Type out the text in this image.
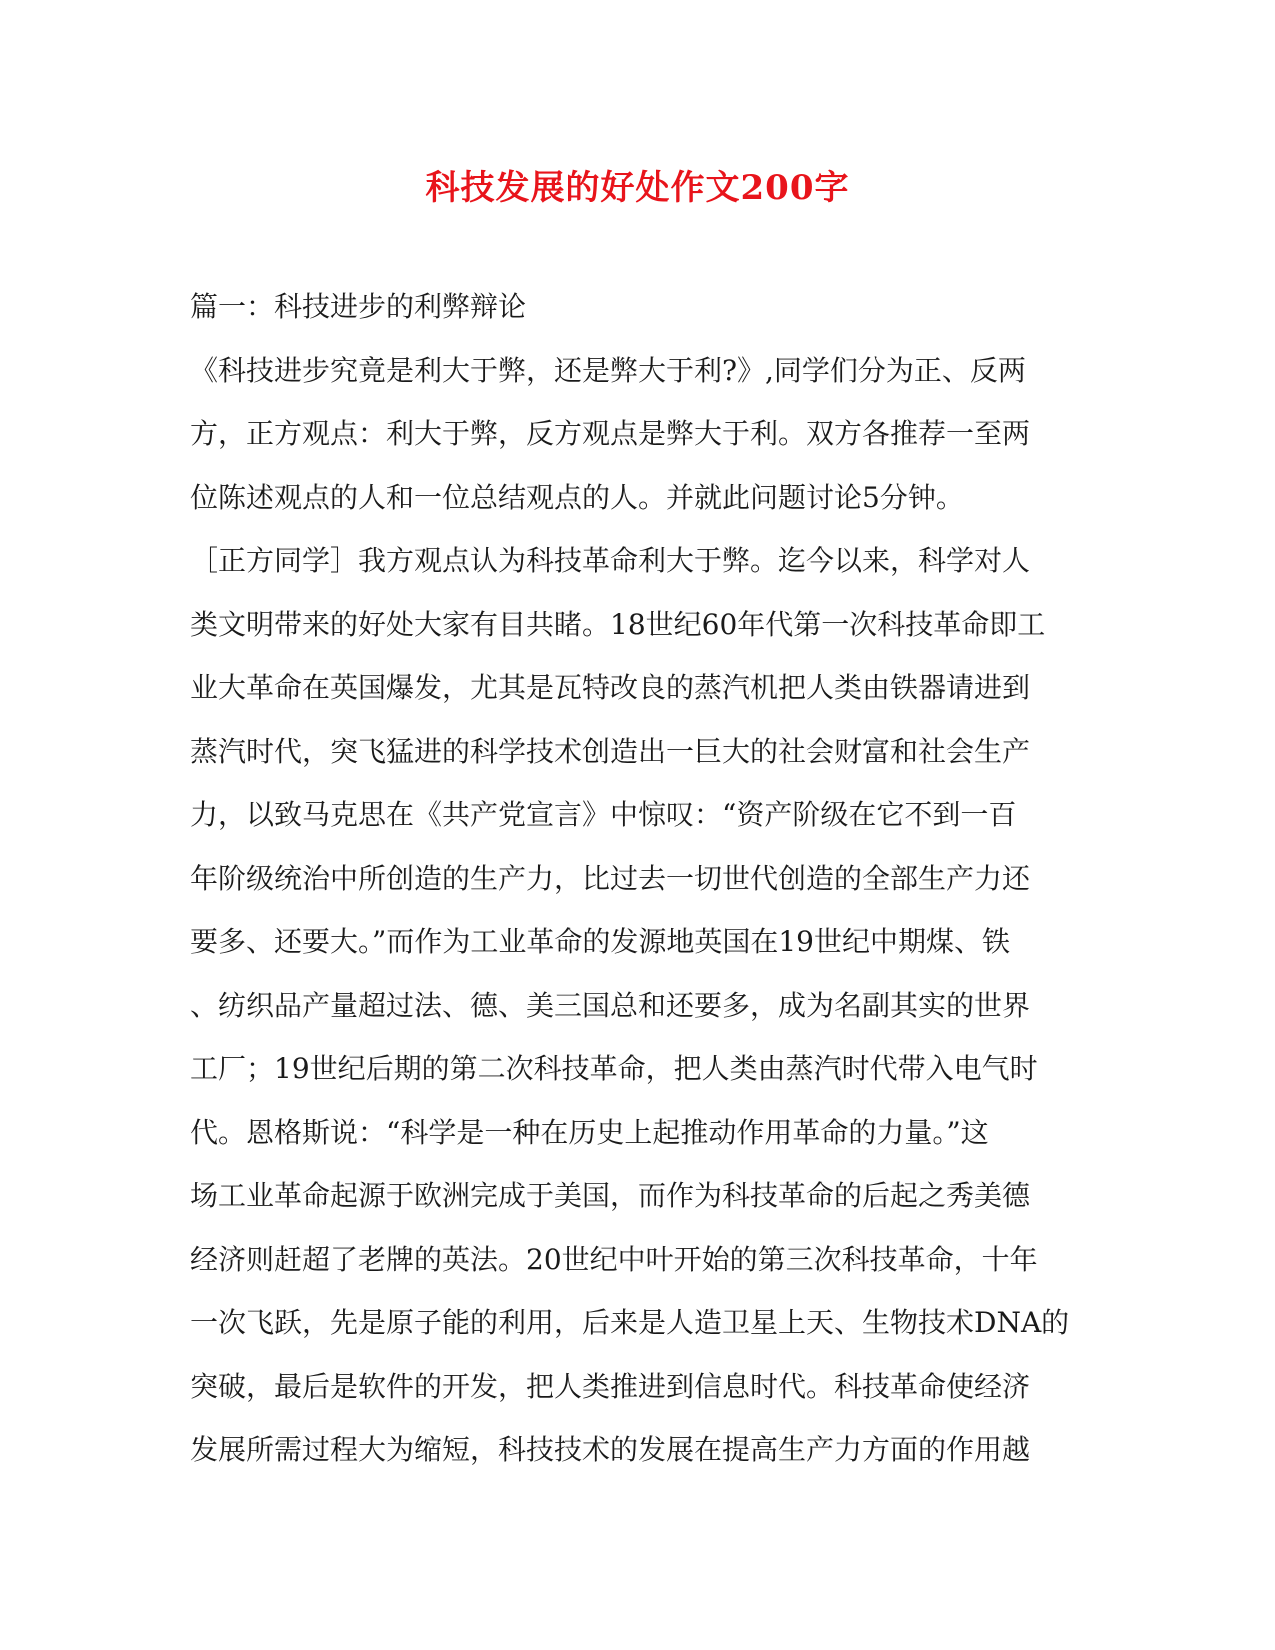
科技发展的好处作文200字
篇一：科技进步的利弊辩论
《科技进步究竟是利大于弊，还是弊大于利?》,同学们分为正、反两
方，正方观点：利大于弊，反方观点是弊大于利。双方各推荐一至两
位陈述观点的人和一位总结观点的人。并就此问题讨论5分钟。
［正方同学］我方观点认为科技革命利大于弊。迄今以来，科学对人
类文明带来的好处大家有目共睹。18世纪60年代第一次科技革命即工
业大革命在英国爆发，尤其是瓦特改良的蒸汽机把人类由铁器请进到
蒸汽时代，突飞猛进的科学技术创造出一巨大的社会财富和社会生产
力，以致马克思在《共产党宣言》中惊叹：“资产阶级在它不到一百
年阶级统治中所创造的生产力，比过去一切世代创造的全部生产力还
要多、还要大。”而作为工业革命的发源地英国在19世纪中期煤、铁
、纺织品产量超过法、德、美三国总和还要多，成为名副其实的世界
工厂；19世纪后期的第二次科技革命，把人类由蒸汽时代带入电气时
代。恩格斯说：“科学是一种在历史上起推动作用革命的力量。”这
场工业革命起源于欧洲完成于美国，而作为科技革命的后起之秀美德
经济则赶超了老牌的英法。20世纪中叶开始的第三次科技革命，十年
一次飞跃，先是原子能的利用，后来是人造卫星上天、生物技术DNA的
突破，最后是软件的开发，把人类推进到信息时代。科技革命使经济
发展所需过程大为缩短，科技技术的发展在提高生产力方面的作用越
